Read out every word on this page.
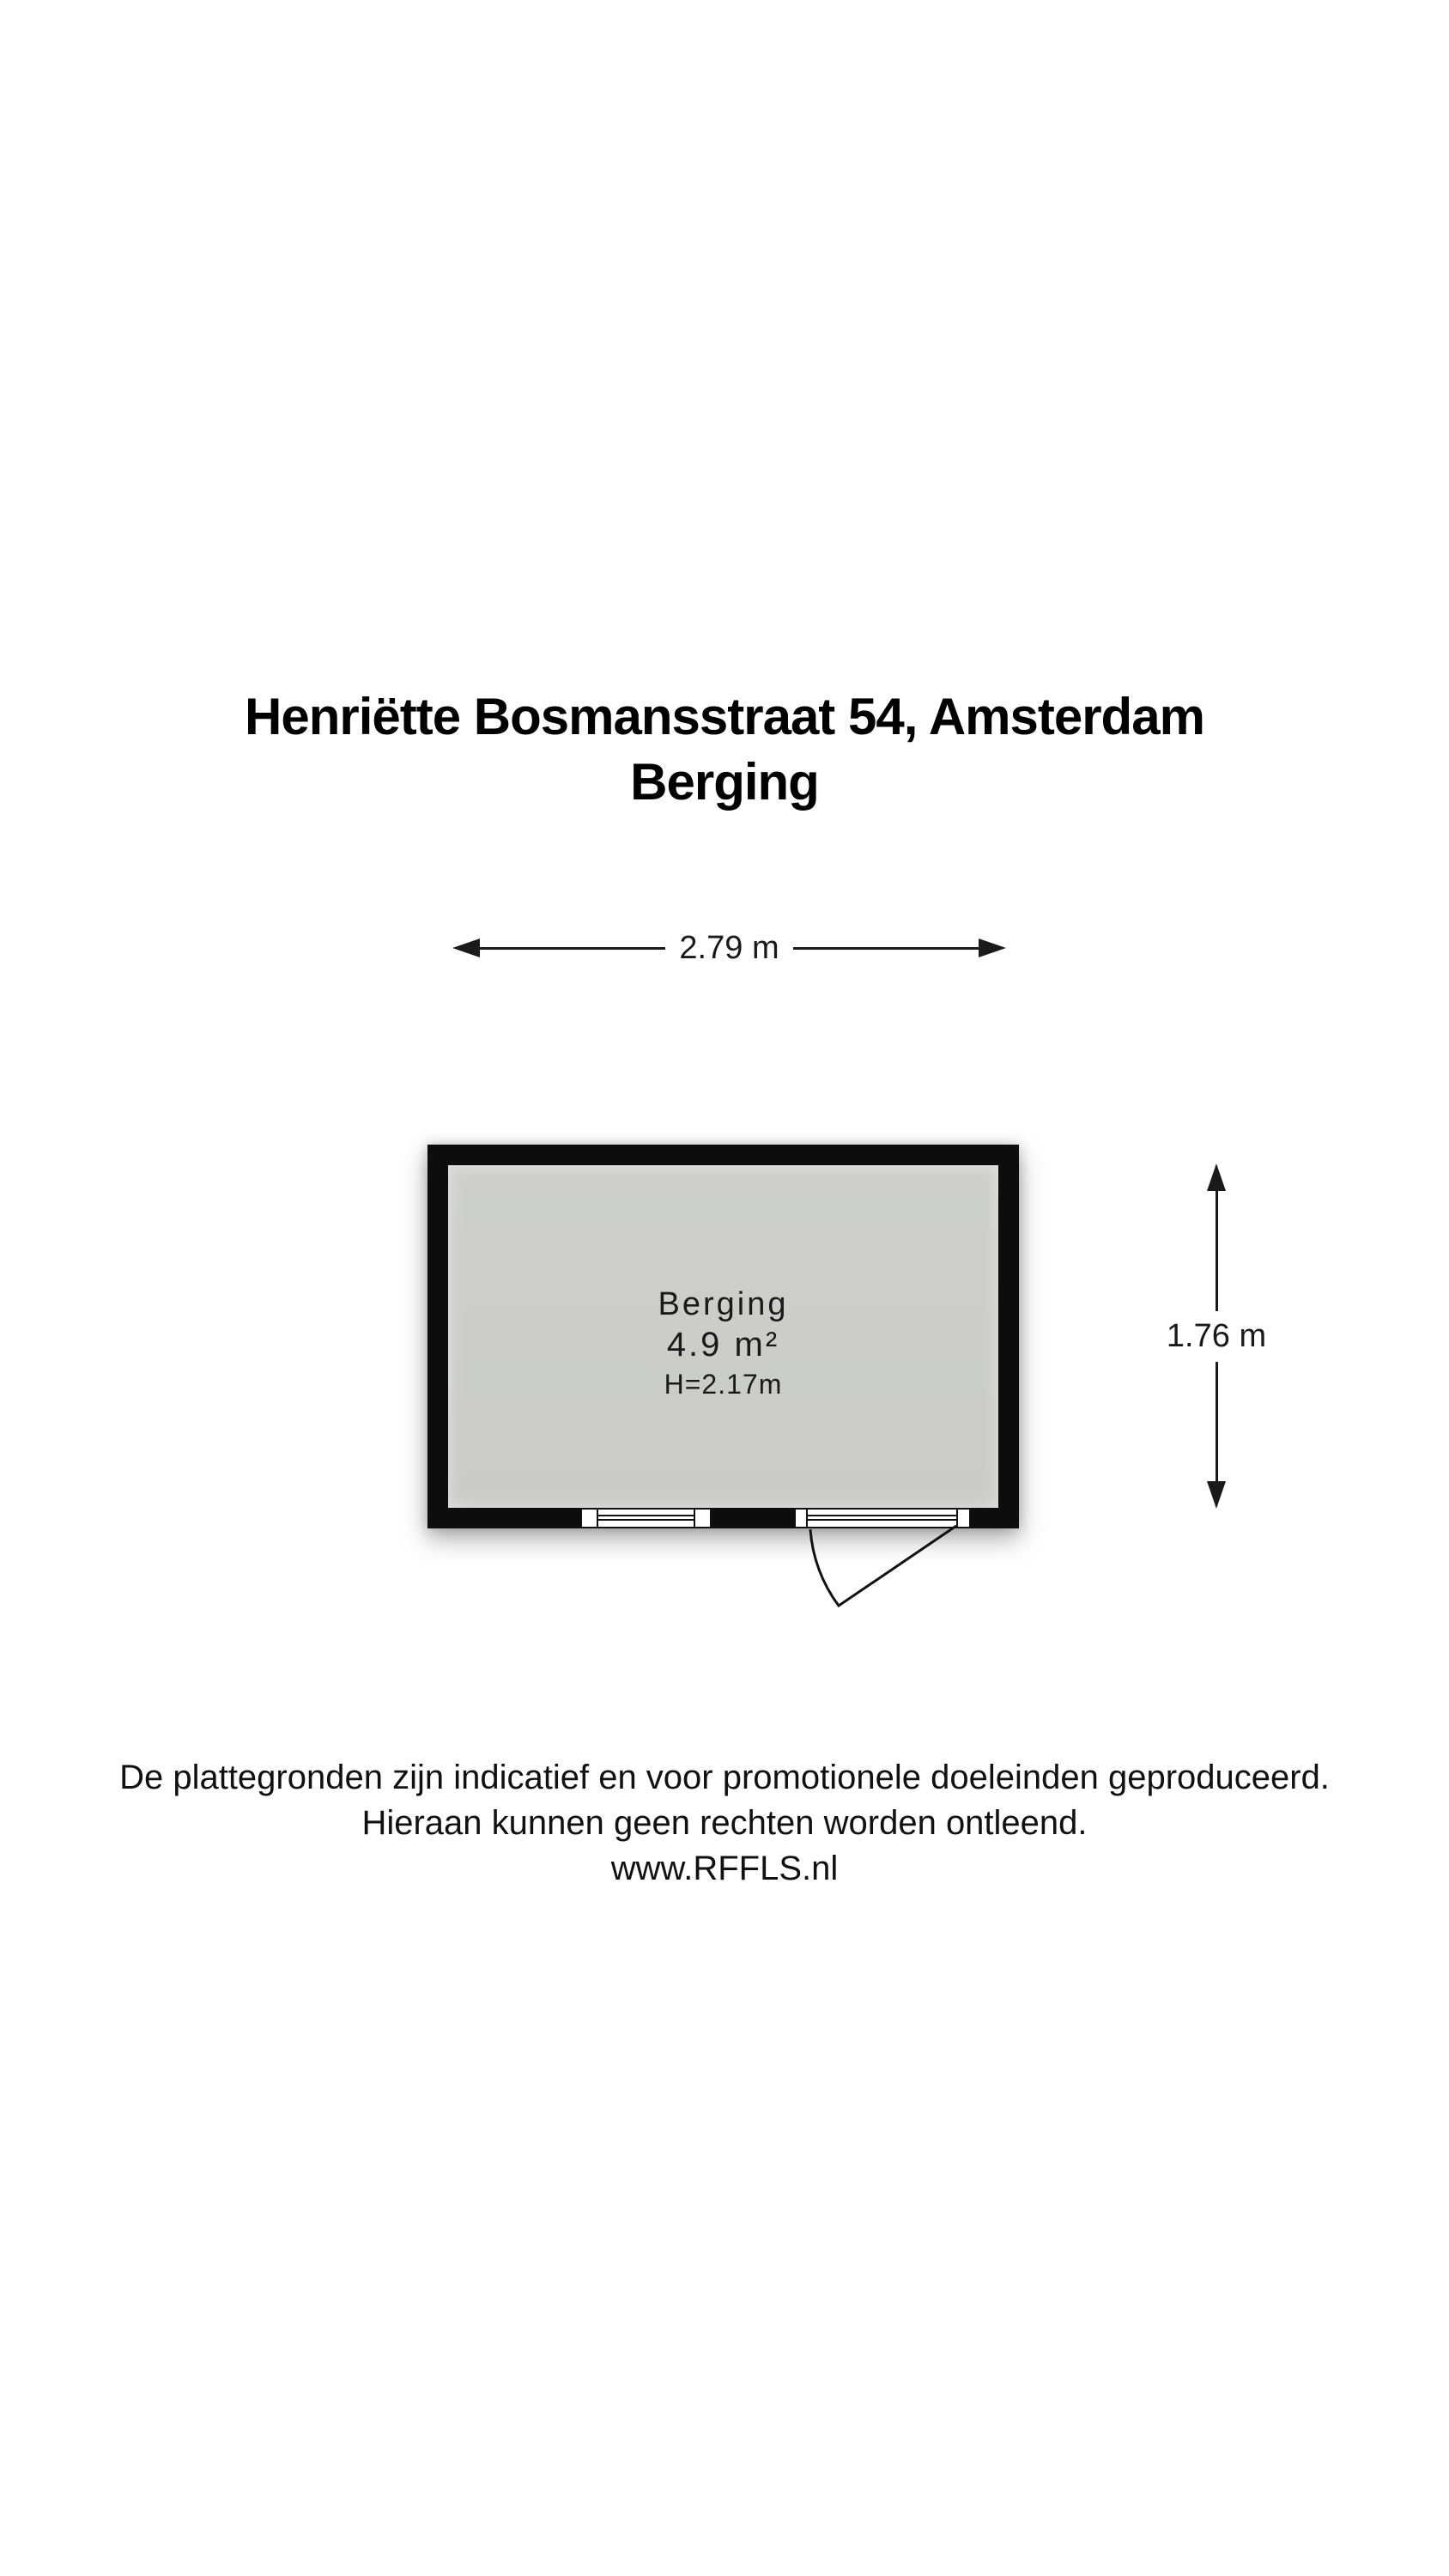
Henriëtte Bosmansstraat 54, Amsterdam
Berging
2.79 m
Berging
4.9 m²
H=2.17m
1.76 m
De plattegronden zijn indicatief en voor promotionele doeleinden geproduceerd.
Hieraan kunnen geen rechten worden ontleend.
www.RFFLS.nl
